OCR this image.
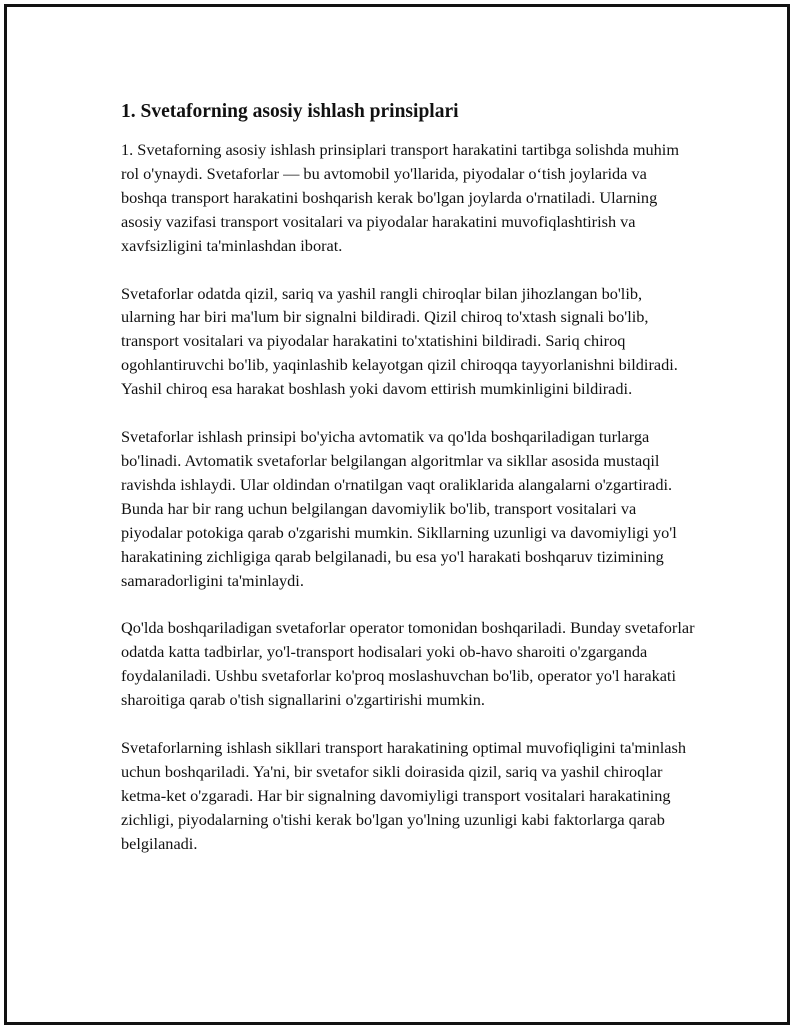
1. Svetaforning asosiy ishlash prinsiplari

1. Svetaforning asosiy ishlash prinsiplari transport harakatini tartibga solishda muhim rol o'ynaydi. Svetaforlar — bu avtomobil yo'llarida, piyodalar o‘tish joylarida va boshqa transport harakatini boshqarish kerak bo'lgan joylarda o'rnatiladi. Ularning asosiy vazifasi transport vositalari va piyodalar harakatini muvofiqlashtirish va xavfsizligini ta'minlashdan iborat.

Svetaforlar odatda qizil, sariq va yashil rangli chiroqlar bilan jihozlangan bo'lib, ularning har biri ma'lum bir signalni bildiradi. Qizil chiroq to'xtash signali bo'lib, transport vositalari va piyodalar harakatini to'xtatishini bildiradi. Sariq chiroq ogohlantiruvchi bo'lib, yaqinlashib kelayotgan qizil chiroqqa tayyorlanishni bildiradi. Yashil chiroq esa harakat boshlash yoki davom ettirish mumkinligini bildiradi.

Svetaforlar ishlash prinsipi bo'yicha avtomatik va qo'lda boshqariladigan turlarga bo'linadi. Avtomatik svetaforlar belgilangan algoritmlar va sikllar asosida mustaqil ravishda ishlaydi. Ular oldindan o'rnatilgan vaqt oraliklarida alangalarni o'zgartiradi. Bunda har bir rang uchun belgilangan davomiylik bo'lib, transport vositalari va piyodalar potokiga qarab o'zgarishi mumkin. Sikllarning uzunligi va davomiyligi yo'l harakatining zichligiga qarab belgilanadi, bu esa yo'l harakati boshqaruv tizimining samaradorligini ta'minlaydi.

Qo'lda boshqariladigan svetaforlar operator tomonidan boshqariladi. Bunday svetaforlar odatda katta tadbirlar, yo'l-transport hodisalari yoki ob-havo sharoiti o'zgarganda foydalaniladi. Ushbu svetaforlar ko'proq moslashuvchan bo'lib, operator yo'l harakati sharoitiga qarab o'tish signallarini o'zgartirishi mumkin.

Svetaforlarning ishlash sikllari transport harakatining optimal muvofiqligini ta'minlash uchun boshqariladi. Ya'ni, bir svetafor sikli doirasida qizil, sariq va yashil chiroqlar ketma-ket o'zgaradi. Har bir signalning davomiyligi transport vositalari harakatining zichligi, piyodalarning o'tishi kerak bo'lgan yo'lning uzunligi kabi faktorlarga qarab belgilanadi.
